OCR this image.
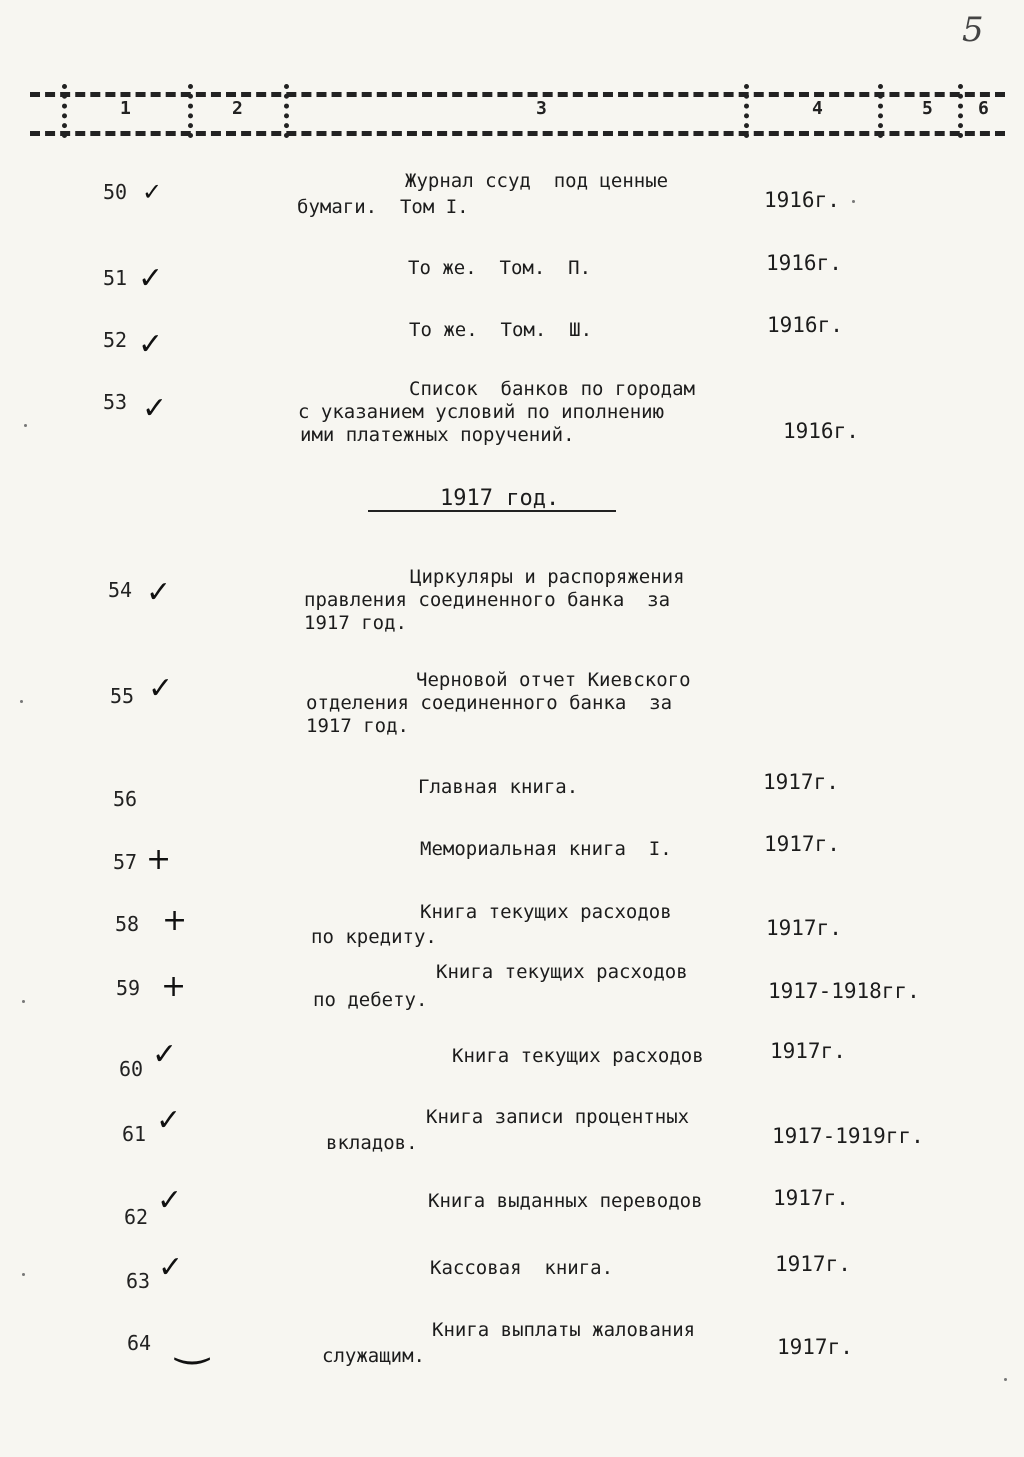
5
1	2	3	4	5	6
50 ✓	Журнал ссуд  под ценные
бумаги.  Том I.	1916г.
51 ✓	То же.  Том.  П.	1916г.
52 ✓	То же.  Том.  Ш.	1916г.
53 ✓
Список  банков по городам
с указанием условий по иполнению
ими платежных поручений.	1916г.
1917 год.
54 ✓	Циркуляры и распоряжения
правления соединенного банка  за
1917 год.
55 ✓	Черновой отчет Киевского
отделения соединенного банка  за
1917 год.
56	Главная книга.	1917г.
57 +	Мемориальная книга  I.	1917г.
58 +	Книга текущих расходов
по кредиту.	1917г.
59 +	Книга текущих расходов
по дебету.	1917-1918гг.
60 ✓	Книга текущих расходов	1917г.
61 ✓	Книга записи процентных
вкладов.	1917-1919гг.
62 ✓	Книга выданных переводов	1917г.
63 ✓	Кассовая  книга.	1917г.
64 ‿	Книга выплаты жалования
служащим.	1917г.
